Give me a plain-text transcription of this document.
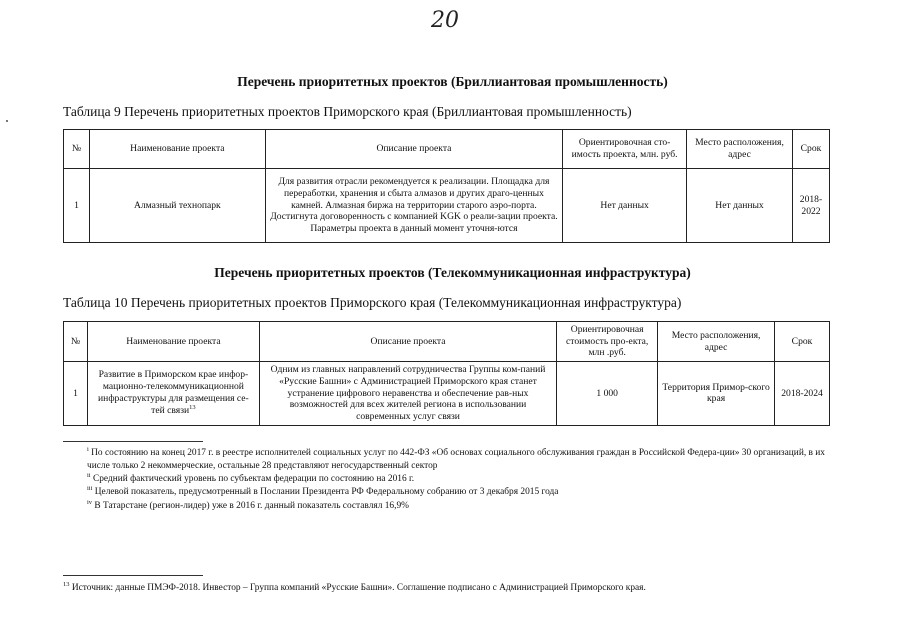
20
Перечень приоритетных проектов (Бриллиантовая промышленность)
Таблица 9 Перечень приоритетных проектов Приморского края (Бриллиантовая промышленность)
№	Наименование проекта	Описание проекта	Ориентировочная сто-имость проекта, млн. руб.	Место расположения, адрес	Срок
1	Алмазный технопарк	Для развития отрасли рекомендуется к реализации. Площадка для переработки, хранения и сбыта алмазов и других драго-ценных камней. Алмазная биржа на территории старого аэро-порта. Достигнута договоренность с компанией KGK о реали-зации проекта. Параметры проекта в данный момент уточня-ются	Нет данных	Нет данных	2018-2022
Перечень приоритетных проектов (Телекоммуникационная инфраструктура)
Таблица 10 Перечень приоритетных проектов Приморского края (Телекоммуникационная инфраструктура)
№	Наименование проекта	Описание проекта	Ориентировочная стоимость про-екта, млн .руб.	Место расположения, адрес	Срок
1	Развитие в Приморском крае инфор-мационно-телекоммуникационной инфраструктуры для размещения се-тей связи$^{13}$	Одним из главных направлений сотрудничества Группы ком-паний «Русские Башни» с Администрацией Приморского края станет устранение цифрового неравенства и обеспечение рав-ных возможностей для всех жителей региона в использовании современных услуг связи	1 000	Территория Примор-ского края	2018-2024

$^i$ По состоянию на конец 2017 г. в реестре исполнителей социальных услуг по 442-ФЗ «Об основах социального обслуживания граждан в Российской Федера-ции» 30 организаций, в их числе только 2 некоммерческие, остальные 28 представляют негосударственный сектор

$^{ii}$ Средний фактический уровень по субъектам федерации по состоянию на 2016 г.

$^{iii}$ Целевой показатель, предусмотренный в Послании Президента РФ Федеральному собранию от 3 декабря 2015 года

$^{iv}$ В Татарстане (регион-лидер) уже в 2016 г. данный показатель составлял 16,9%

$^{13}$ Источник: данные ПМЭФ-2018. Инвестор – Группа компаний «Русские Башни». Соглашение подписано с Администрацией Приморского края.
